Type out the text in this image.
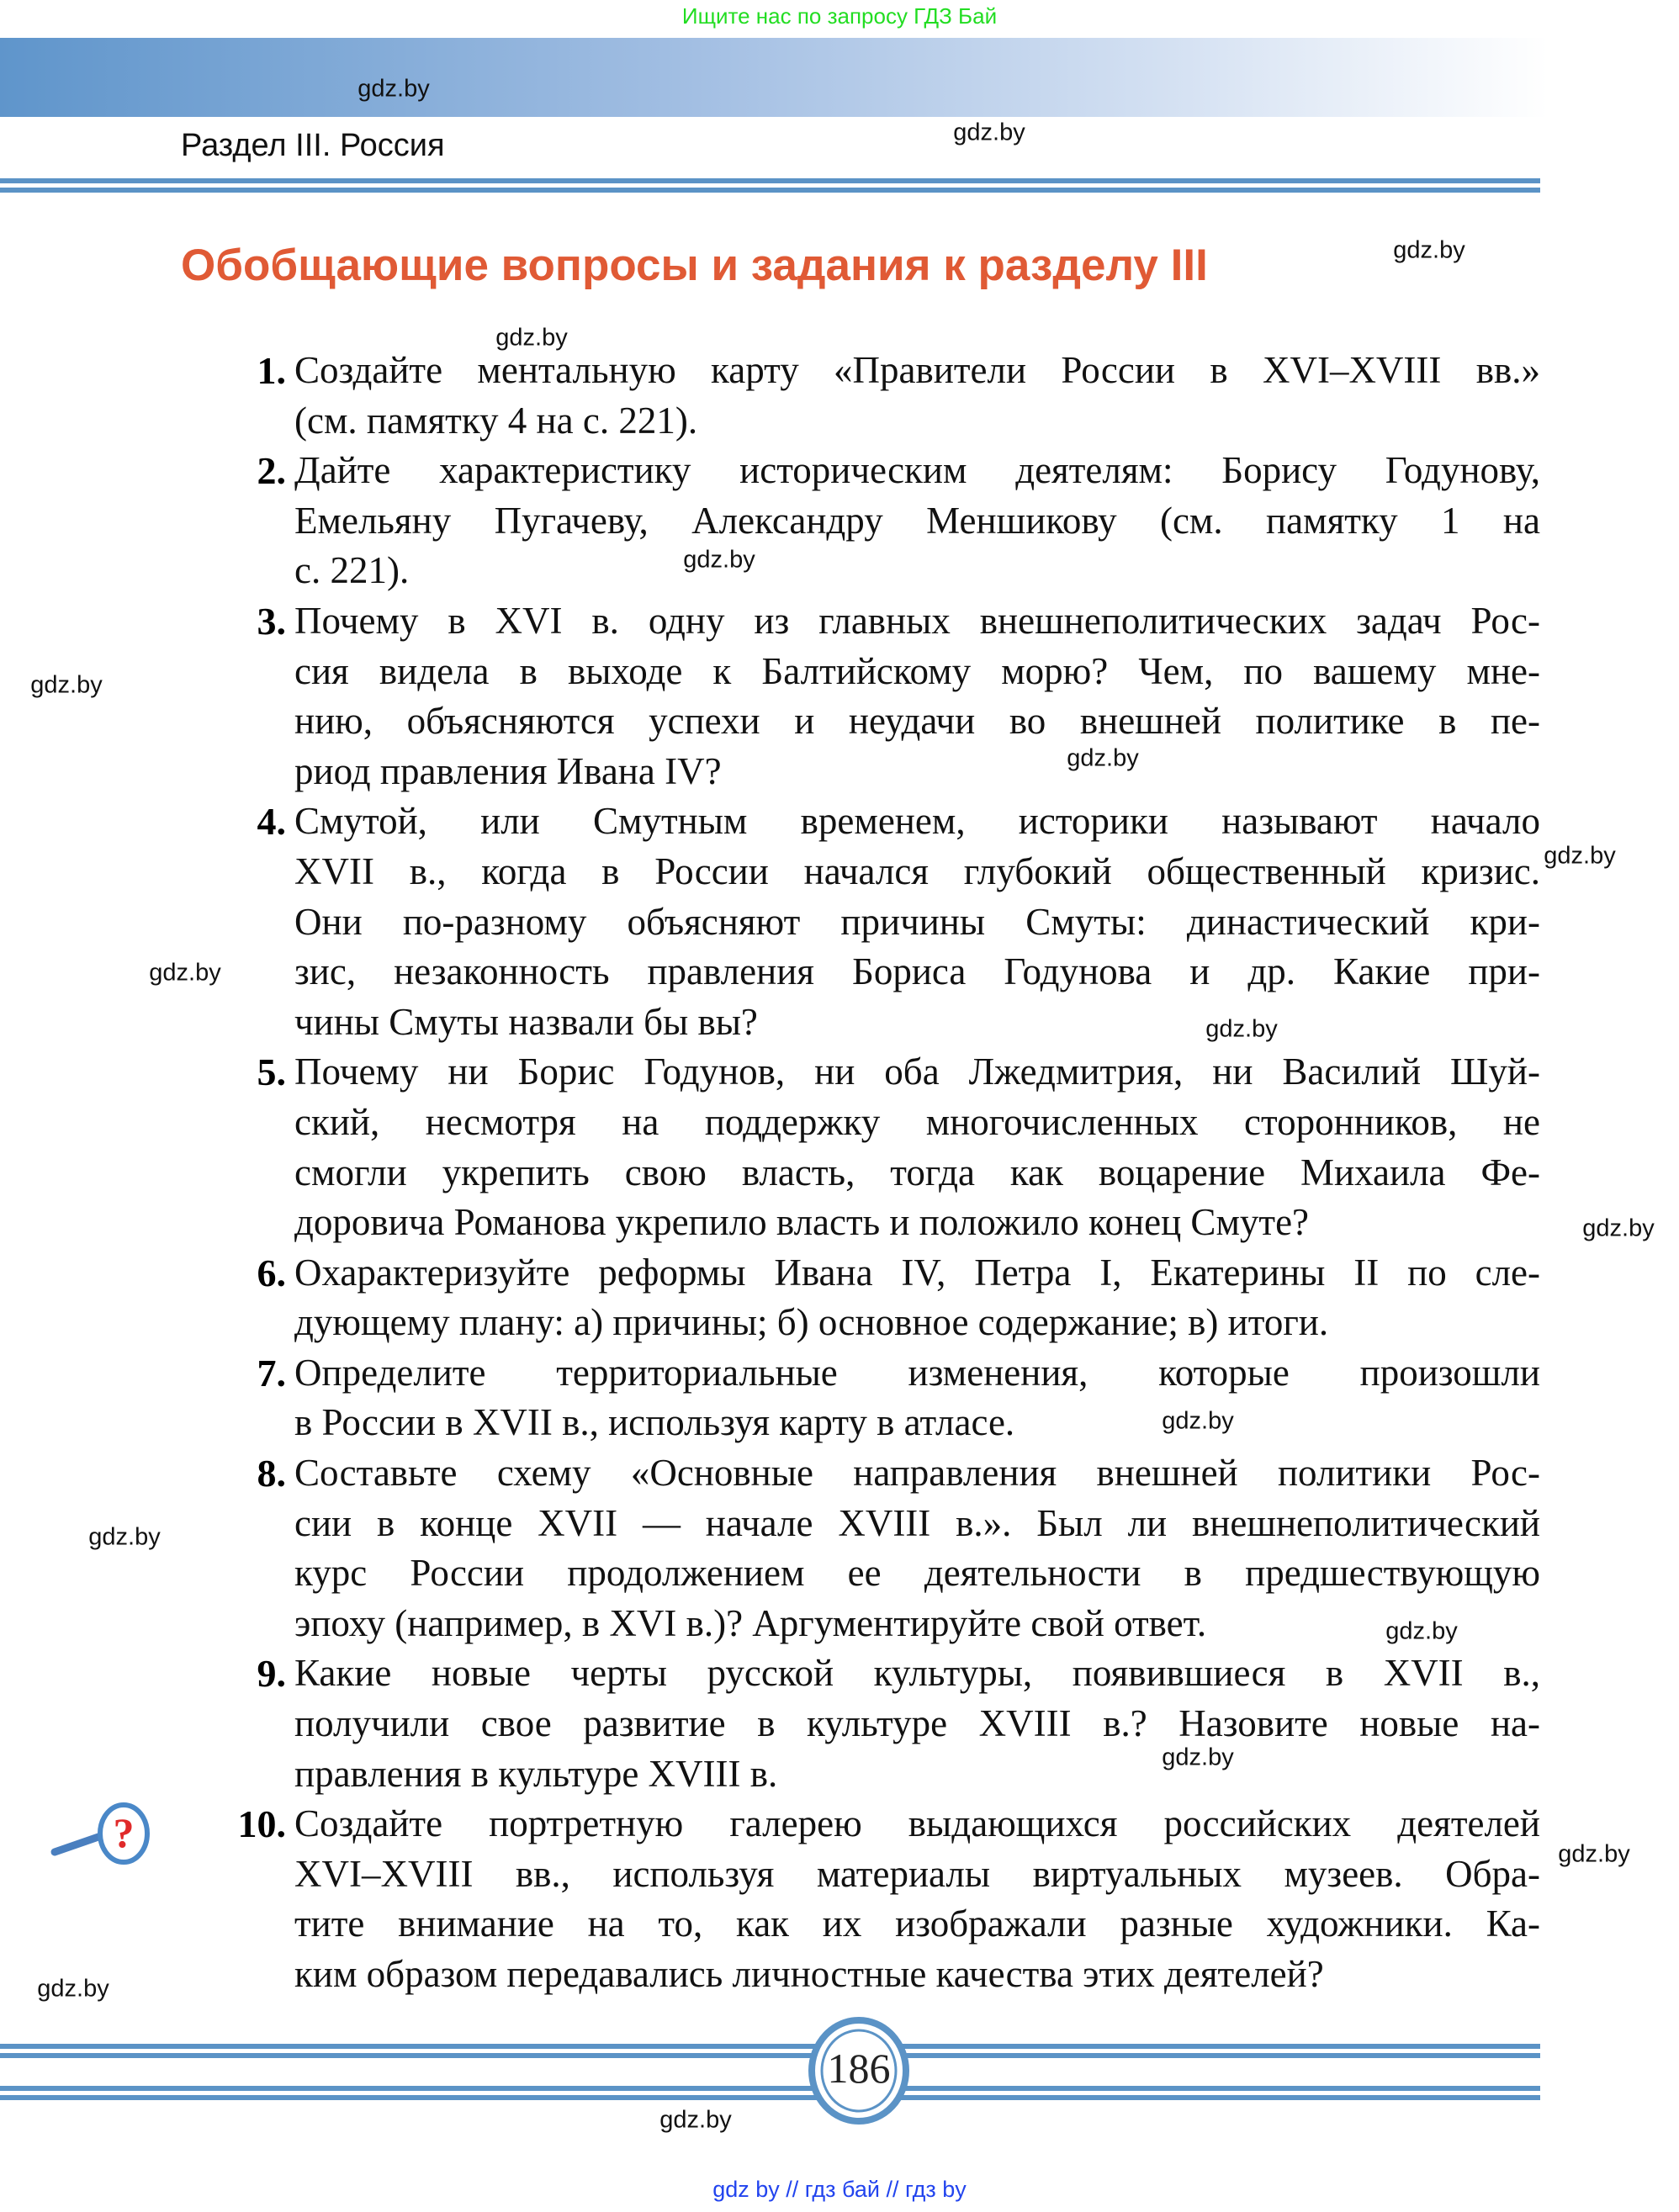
Ищите нас по запросу ГДЗ Бай
Раздел III. Россия
Обобщающие вопросы и задания к разделу III
1. Создайте ментальную карту «Правители России в XVI–XVIII вв.»
(см. памятку 4 на с. 221).
2. Дайте характеристику историческим деятелям: Борису Годунову,
Емельяну Пугачеву, Александру Меншикову (см. памятку 1 на
с. 221).
3. Почему в XVI в. одну из главных внешнеполитических задач Рос-
сия видела в выходе к Балтийскому морю? Чем, по вашему мне-
нию, объясняются успехи и неудачи во внешней политике в пе-
риод правления Ивана IV?
4. Смутой, или Смутным временем, историки называют начало
XVII в., когда в России начался глубокий общественный кризис.
Они по-разному объясняют причины Смуты: династический кри-
зис, незаконность правления Бориса Годунова и др. Какие при-
чины Смуты назвали бы вы?
5. Почему ни Борис Годунов, ни оба Лжедмитрия, ни Василий Шуй-
ский, несмотря на поддержку многочисленных сторонников, не
смогли укрепить свою власть, тогда как воцарение Михаила Фе-
доровича Романова укрепило власть и положило конец Смуте?
6. Охарактеризуйте реформы Ивана IV, Петра I, Екатерины II по сле-
дующему плану: а) причины; б) основное содержание; в) итоги.
7. Определите территориальные изменения, которые произошли
в России в XVII в., используя карту в атласе.
8. Составьте схему «Основные направления внешней политики Рос-
сии в конце XVII — начале XVIII в.». Был ли внешнеполитический
курс России продолжением ее деятельности в предшествующую
эпоху (например, в XVI в.)? Аргументируйте свой ответ.
9. Какие новые черты русской культуры, появившиеся в XVII в.,
получили свое развитие в культуре XVIII в.? Назовите новые на-
правления в культуре XVIII в.
10. Создайте портретную галерею выдающихся российских деятелей
XVI–XVIII вв., используя материалы виртуальных музеев. Обра-
тите внимание на то, как их изображали разные художники. Ка-
ким образом передавались личностные качества этих деятелей?
?
186
gdz.by
gdz.by
gdz.by
gdz.by
gdz.by
gdz.by
gdz.by
gdz.by
gdz.by
gdz.by
gdz.by
gdz.by
gdz.by
gdz.by
gdz.by
gdz.by
gdz.by
gdz.by
gdz by // гдз бай // гдз by
